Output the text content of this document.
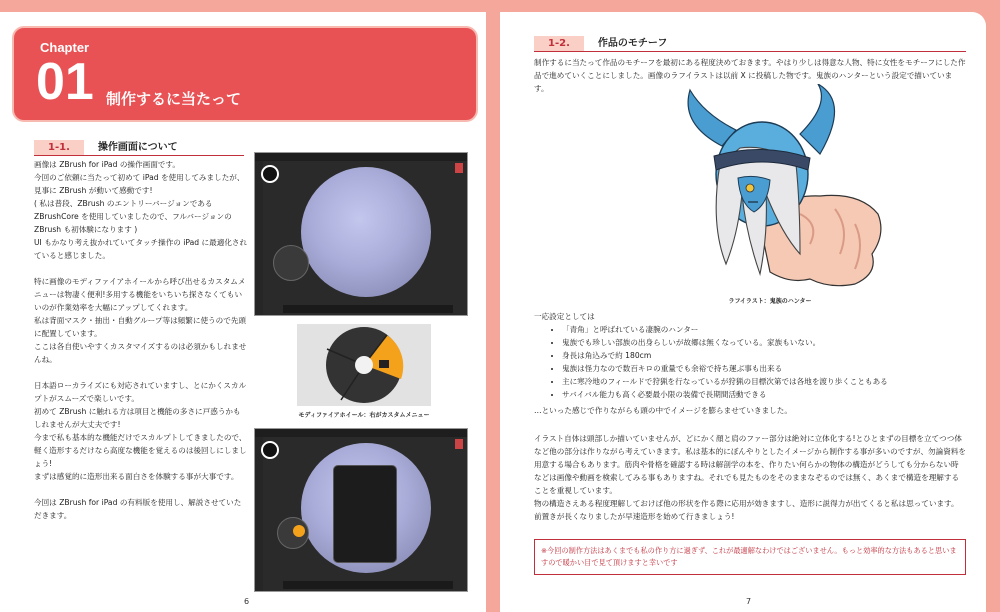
Chapter
01 制作するに当たって
1-1.	操作画面について

画像は ZBrush for iPad の操作画面です。

今回のご依頼に当たって初めて iPad を使用してみましたが、見事に ZBrush が動いて感動です!

( 私は普段、ZBrush のエントリーバージョンである ZBrushCore を使用していましたので、フルバージョンの ZBrush も初体験になります )

UI もかなり考え抜かれていてタッチ操作の iPad に最適化されていると感じました。

特に画像のモディファイアホイールから呼び出せるカスタムメニューは物凄く便利!多用する機能をいちいち探さなくてもいいのが作業効率を大幅にアップしてくれます。

私は背面マスク・抽出・自動グループ等は頻繁に使うので先頭に配置しています。

ここは各自使いやすくカスタマイズするのは必須かもしれませんね。

日本語ローカライズにも対応されていますし、とにかくスカルプトがスムーズで楽しいです。

初めて ZBrush に触れる方は項目と機能の多さに戸惑うかもしれませんが大丈夫です!

今まで私も基本的な機能だけでスカルプトしてきましたので、軽く造形するだけなら高度な機能を覚えるのは後回しにしましょう!

まずは感覚的に造形出来る面白さを体験する事が大事です。

今回は ZBrush for iPad の有料版を使用し、解説させていただきます。

モディファイアホイール：右がカスタムメニュー
6
1-2.	作品のモチーフ
制作するに当たって作品のモチーフを最初にある程度決めておきます。やはり少しは得意な人物、特に女性をモチーフにした作品で進めていくことにしました。画像のラフイラストは以前 X に投稿した物です。鬼族のハンターという設定で描いています。
ラフイラスト：鬼族のハンター
一応設定としては
• 「青角」と呼ばれている凄腕のハンター
• 鬼族でも珍しい部族の出身らしいが故郷は無くなっている。家族もいない。
• 身長は角込みで約 180cm
• 鬼族は怪力なので数百キロの重量でも余裕で持ち運ぶ事も出来る
• 主に寒冷地のフィールドで狩猟を行なっているが狩猟の目標次第では各地を渡り歩くこともある
• サバイバル能力も高く必要最小限の装備で長期間活動できる
…といった感じで作りながらも頭の中でイメージを膨らませていきました。

イラスト自体は頭部しか描いていませんが、どにかく顔と肩のファー部分は絶対に立体化する!とひとまずの目標を立てつつ体など他の部分は作りながら考えていきます。私は基本的にぼんやりとしたイメージから制作する事が多いのですが、勿論資料を用意する場合もあります。筋肉や骨格を確認する時は解剖学の本を、作りたい何らかの物体の構造がどうしても分からない時などは画像や動画を検索してみる事もありますね。それでも見たものをそのままなぞるのでは無く、あくまで構造を理解することを重視しています。

物の構造さえある程度理解しておけば他の形状を作る際に応用が効きますし、造形に説得力が出てくると私は思っています。

前置きが長くなりましたが早速造形を始めて行きましょう!

※今回の制作方法はあくまでも私の作り方に過ぎず、これが最適解なわけではございません。もっと効率的な方法もあると思いますので暖かい目で見て頂けますと幸いです
7
